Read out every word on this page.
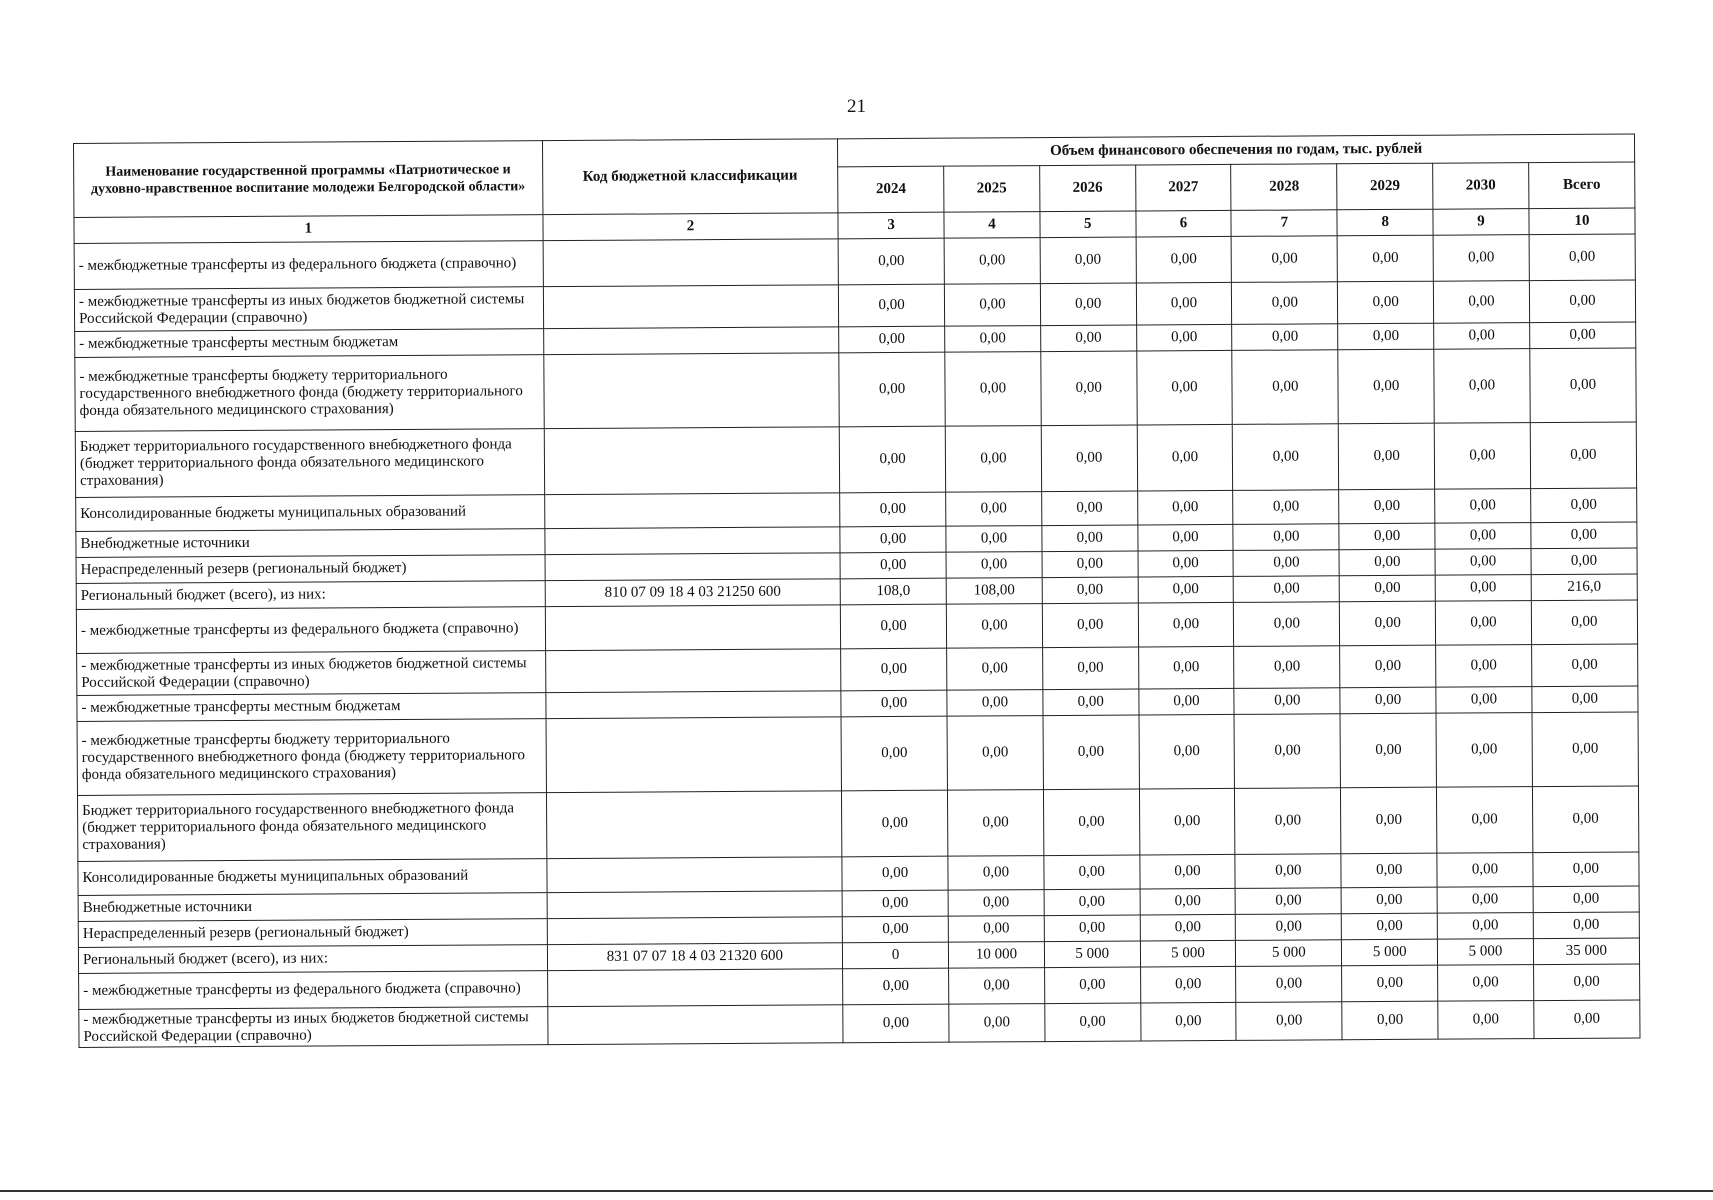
21
Наименование государственной программы «Патриотическое и духовно-нравственное воспитание молодежи Белгородской области»	Код бюджетной классификации	Объем финансового обеспечения по годам, тыс. рублей							
		2024	2025	2026	2027	2028	2029	2030	Всего
1	2	3	4	5	6	7	8	9	10
- межбюджетные трансферты из федерального бюджета (справочно)		0,00	0,00	0,00	0,00	0,00	0,00	0,00	0,00
- межбюджетные трансферты из иных бюджетов бюджетной системы Российской Федерации (справочно)		0,00	0,00	0,00	0,00	0,00	0,00	0,00	0,00
- межбюджетные трансферты местным бюджетам		0,00	0,00	0,00	0,00	0,00	0,00	0,00	0,00
- межбюджетные трансферты бюджету территориального государственного внебюджетного фонда (бюджету территориального фонда обязательного медицинского страхования)		0,00	0,00	0,00	0,00	0,00	0,00	0,00	0,00
Бюджет территориального государственного внебюджетного фонда (бюджет территориального фонда обязательного медицинского страхования)		0,00	0,00	0,00	0,00	0,00	0,00	0,00	0,00
Консолидированные бюджеты муниципальных образований		0,00	0,00	0,00	0,00	0,00	0,00	0,00	0,00
Внебюджетные источники		0,00	0,00	0,00	0,00	0,00	0,00	0,00	0,00
Нераспределенный резерв (региональный бюджет)		0,00	0,00	0,00	0,00	0,00	0,00	0,00	0,00
Региональный бюджет (всего), из них:	810 07 09 18 4 03 21250 600	108,0	108,00	0,00	0,00	0,00	0,00	0,00	216,0
- межбюджетные трансферты из федерального бюджета (справочно)		0,00	0,00	0,00	0,00	0,00	0,00	0,00	0,00
- межбюджетные трансферты из иных бюджетов бюджетной системы Российской Федерации (справочно)		0,00	0,00	0,00	0,00	0,00	0,00	0,00	0,00
- межбюджетные трансферты местным бюджетам		0,00	0,00	0,00	0,00	0,00	0,00	0,00	0,00
- межбюджетные трансферты бюджету территориального государственного внебюджетного фонда (бюджету территориального фонда обязательного медицинского страхования)		0,00	0,00	0,00	0,00	0,00	0,00	0,00	0,00
Бюджет территориального государственного внебюджетного фонда (бюджет территориального фонда обязательного медицинского страхования)		0,00	0,00	0,00	0,00	0,00	0,00	0,00	0,00
Консолидированные бюджеты муниципальных образований		0,00	0,00	0,00	0,00	0,00	0,00	0,00	0,00
Внебюджетные источники		0,00	0,00	0,00	0,00	0,00	0,00	0,00	0,00
Нераспределенный резерв (региональный бюджет)		0,00	0,00	0,00	0,00	0,00	0,00	0,00	0,00
Региональный бюджет (всего), из них:	831 07 07 18 4 03 21320 600	0	10 000	5 000	5 000	5 000	5 000	5 000	35 000
- межбюджетные трансферты из федерального бюджета (справочно)		0,00	0,00	0,00	0,00	0,00	0,00	0,00	0,00
- межбюджетные трансферты из иных бюджетов бюджетной системы Российской Федерации (справочно)		0,00	0,00	0,00	0,00	0,00	0,00	0,00	0,00
